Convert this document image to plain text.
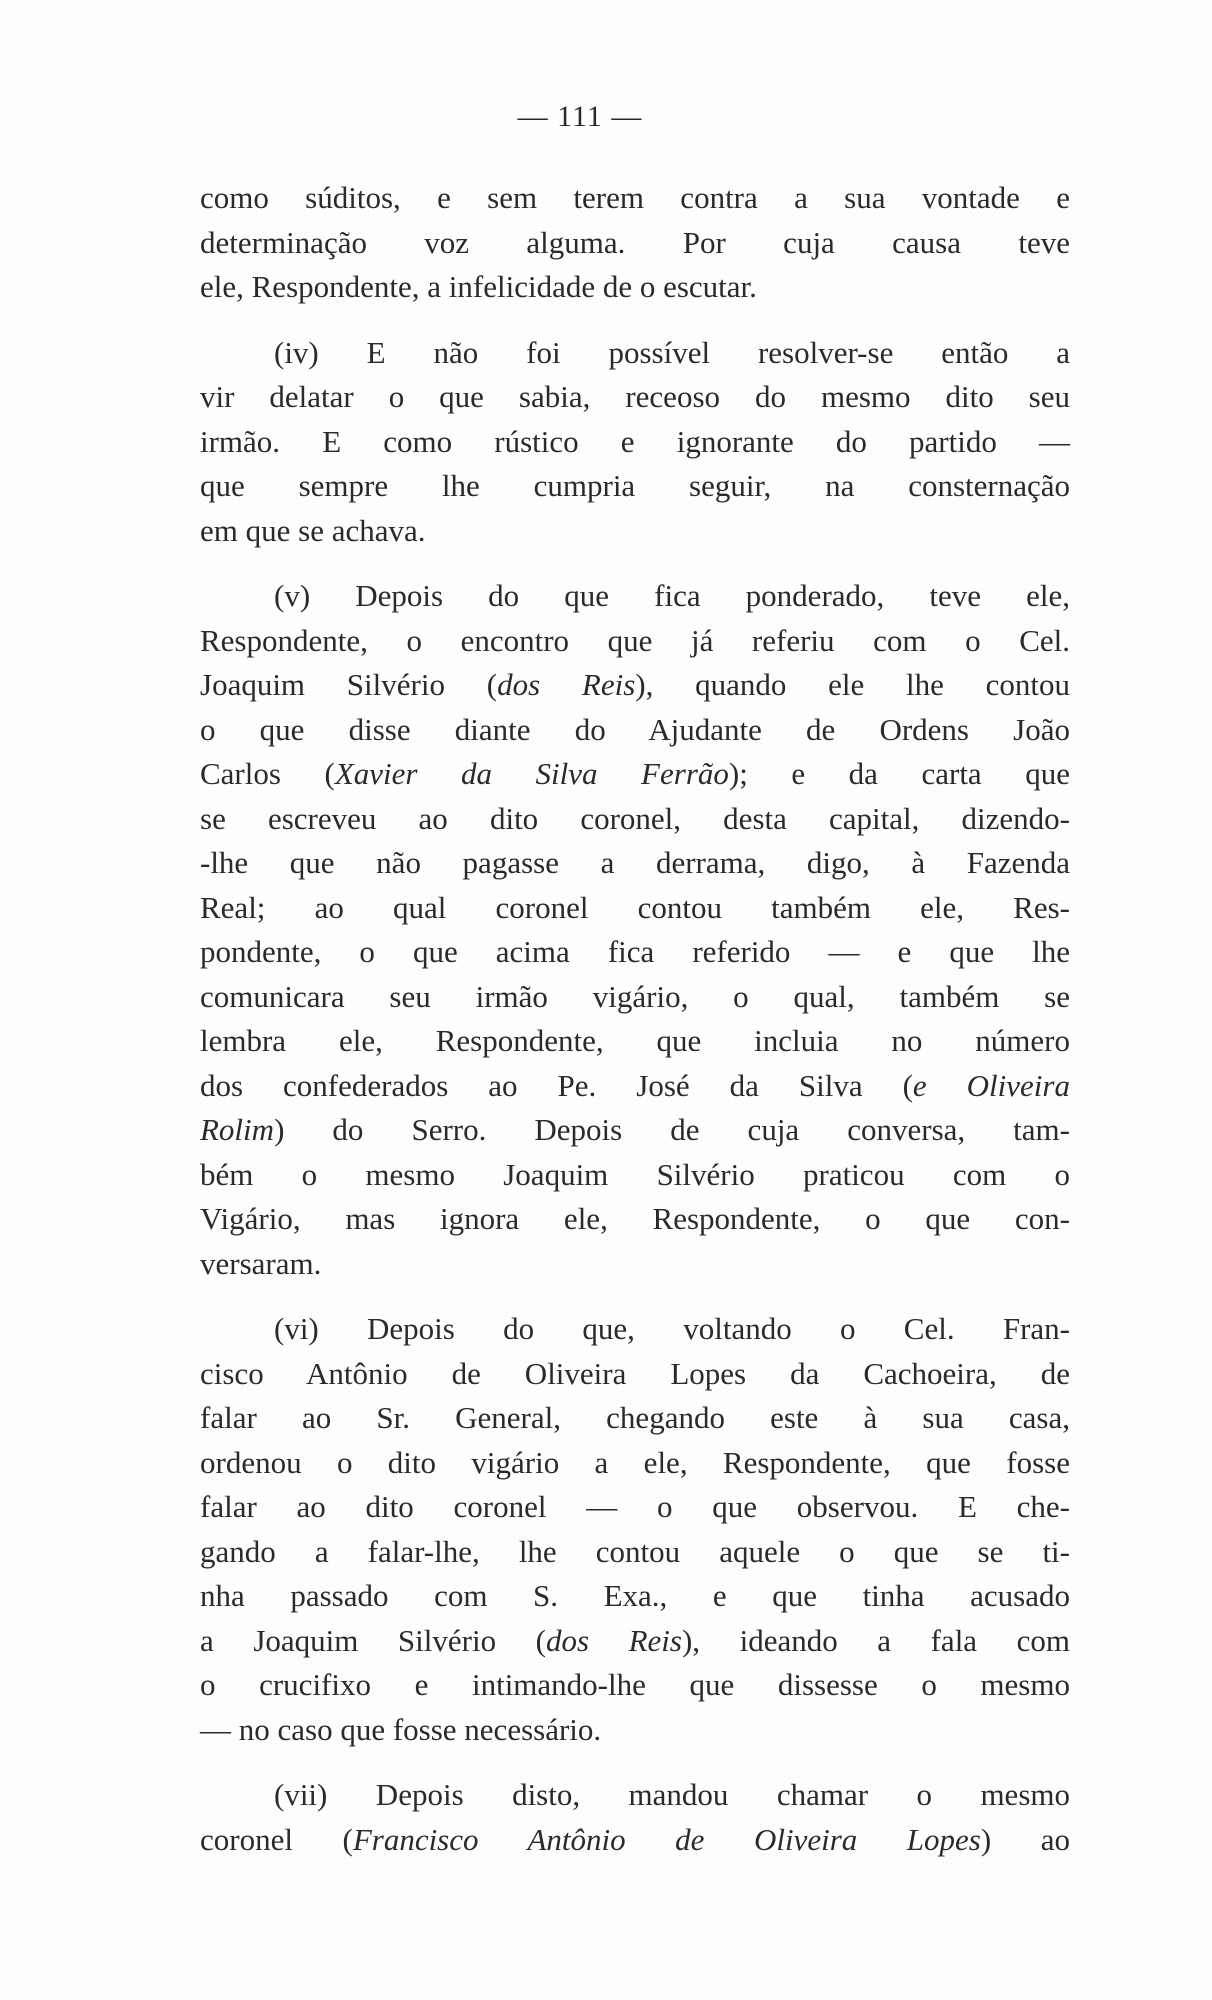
— 111 —
como súditos, e sem terem contra a sua vontade e
determinação voz alguma. Por cuja causa teve
ele, Respondente, a infelicidade de o escutar.
(iv) E não foi possível resolver-se então a
vir delatar o que sabia, receoso do mesmo dito seu
irmão. E como rústico e ignorante do partido —
que sempre lhe cumpria seguir, na consternação
em que se achava.
(v) Depois do que fica ponderado, teve ele,
Respondente, o encontro que já referiu com o Cel.
Joaquim Silvério (dos Reis), quando ele lhe contou
o que disse diante do Ajudante de Ordens João
Carlos (Xavier da Silva Ferrão); e da carta que
se escreveu ao dito coronel, desta capital, dizendo-
-lhe que não pagasse a derrama, digo, à Fazenda
Real; ao qual coronel contou também ele, Res-
pondente, o que acima fica referido — e que lhe
comunicara seu irmão vigário, o qual, também se
lembra ele, Respondente, que incluia no número
dos confederados ao Pe. José da Silva (e Oliveira
Rolim) do Serro. Depois de cuja conversa, tam-
bém o mesmo Joaquim Silvério praticou com o
Vigário, mas ignora ele, Respondente, o que con-
versaram.
(vi) Depois do que, voltando o Cel. Fran-
cisco Antônio de Oliveira Lopes da Cachoeira, de
falar ao Sr. General, chegando este à sua casa,
ordenou o dito vigário a ele, Respondente, que fosse
falar ao dito coronel — o que observou. E che-
gando a falar-lhe, lhe contou aquele o que se ti-
nha passado com S. Exa., e que tinha acusado
a Joaquim Silvério (dos Reis), ideando a fala com
o crucifixo e intimando-lhe que dissesse o mesmo
— no caso que fosse necessário.
(vii) Depois disto, mandou chamar o mesmo
coronel (Francisco Antônio de Oliveira Lopes) ao
